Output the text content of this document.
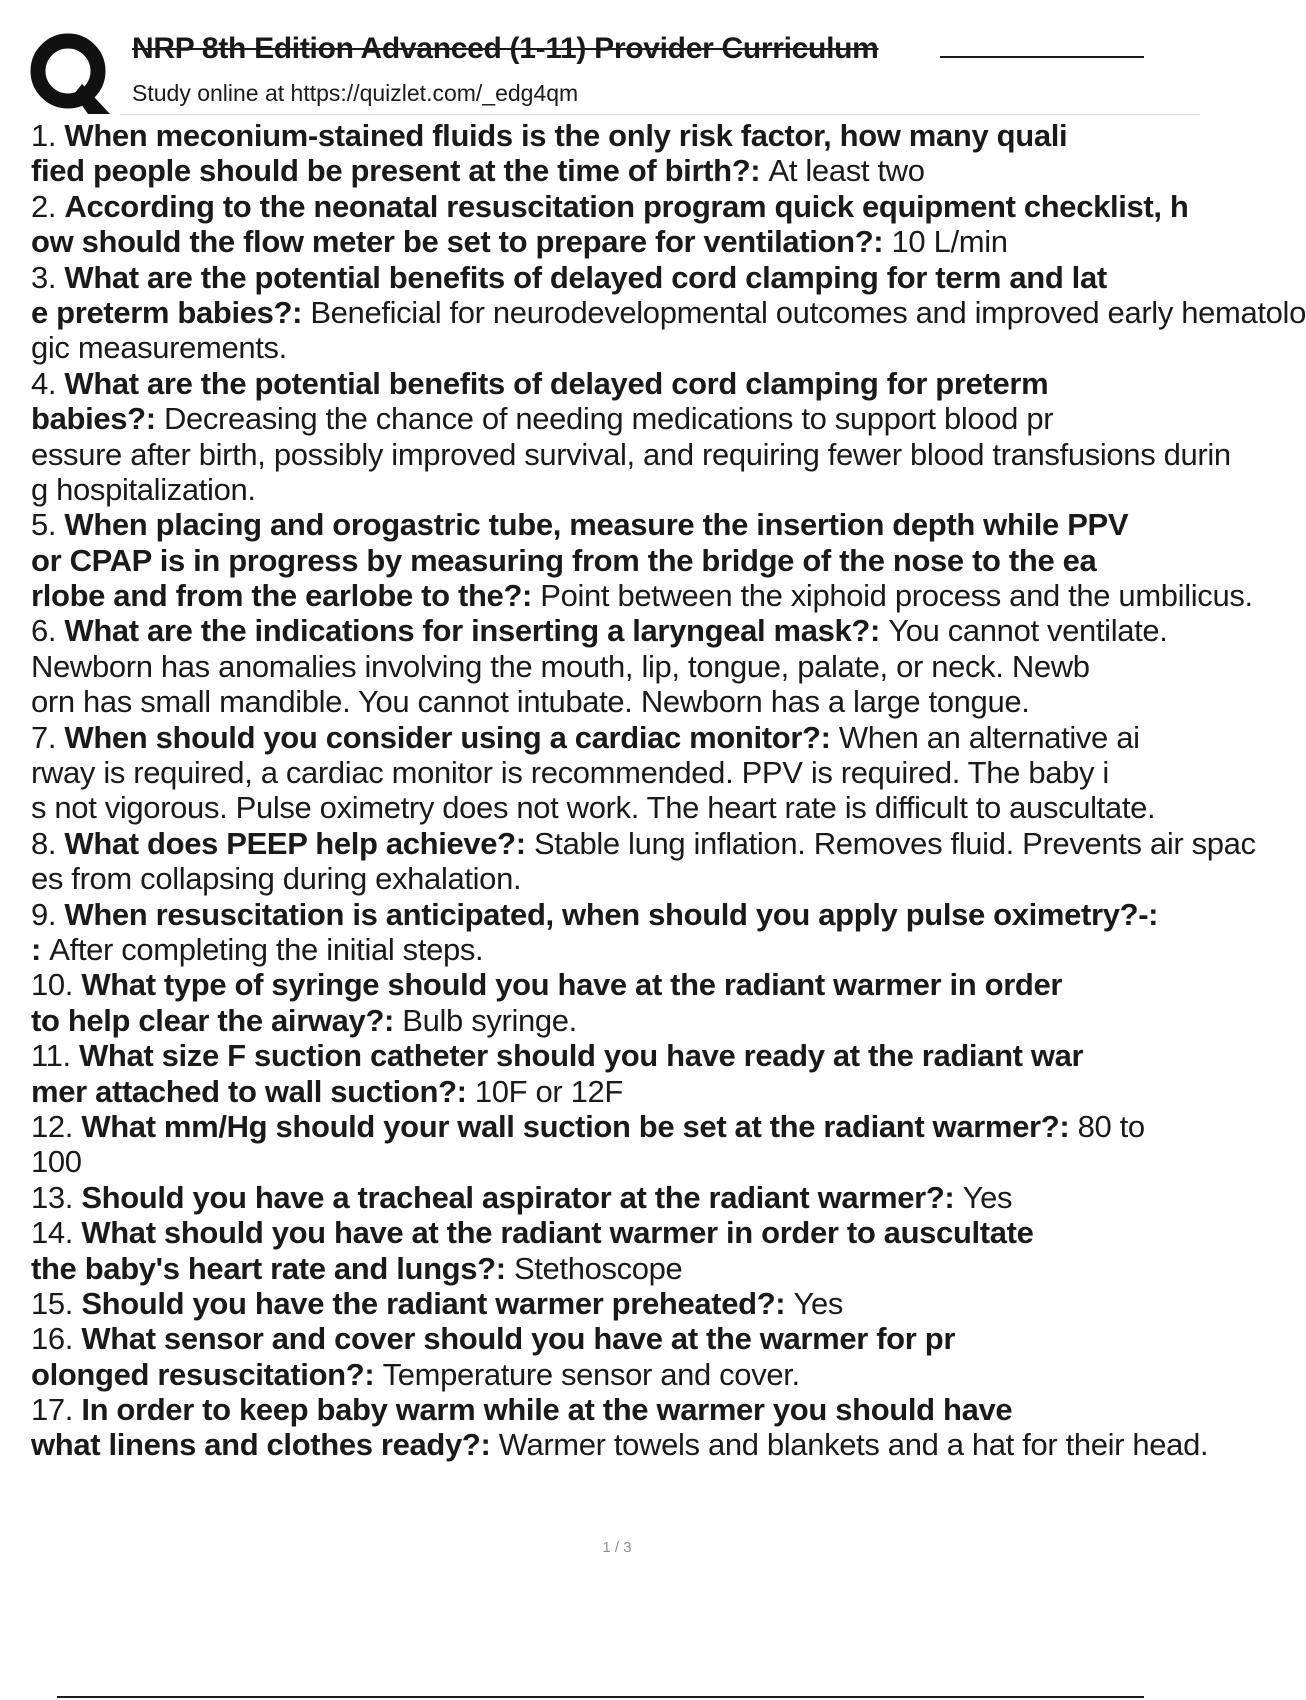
NRP 8th Edition Advanced (1-11) Provider Curriculum
Study online at https://quizlet.com/_edg4qm
1. When meconium-stained fluids is the only risk factor, how many quali
fied people should be present at the time of birth?: At least two
2. According to the neonatal resuscitation program quick equipment checklist, h
ow should the flow meter be set to prepare for ventilation?: 10 L/min
3. What are the potential benefits of delayed cord clamping for term and lat
e preterm babies?: Beneficial for neurodevelopmental outcomes and improved early hematolo
gic measurements.
4. What are the potential benefits of delayed cord clamping for preterm
babies?: Decreasing the chance of needing medications to support blood pr
essure after birth, possibly improved survival, and requiring fewer blood transfusions durin
g hospitalization.
5. When placing and orogastric tube, measure the insertion depth while PPV
or CPAP is in progress by measuring from the bridge of the nose to the ea
rlobe and from the earlobe to the?: Point between the xiphoid process and the umbilicus.
6. What are the indications for inserting a laryngeal mask?: You cannot ventilate.
Newborn has anomalies involving the mouth, lip, tongue, palate, or neck. Newb
orn has small mandible. You cannot intubate. Newborn has a large tongue.
7. When should you consider using a cardiac monitor?: When an alternative ai
rway is required, a cardiac monitor is recommended. PPV is required. The baby i
s not vigorous. Pulse oximetry does not work. The heart rate is difficult to auscultate.
8. What does PEEP help achieve?: Stable lung inflation. Removes fluid. Prevents air spac
es from collapsing during exhalation.
9. When resuscitation is anticipated, when should you apply pulse oximetry?-:
: After completing the initial steps.
10. What type of syringe should you have at the radiant warmer in order
to help clear the airway?: Bulb syringe.
11. What size F suction catheter should you have ready at the radiant war
mer attached to wall suction?: 10F or 12F
12. What mm/Hg should your wall suction be set at the radiant warmer?: 80 to
100
13. Should you have a tracheal aspirator at the radiant warmer?: Yes
14. What should you have at the radiant warmer in order to auscultate
the baby's heart rate and lungs?: Stethoscope
15. Should you have the radiant warmer preheated?: Yes
16. What sensor and cover should you have at the warmer for pr
olonged resuscitation?: Temperature sensor and cover.
17. In order to keep baby warm while at the warmer you should have
what linens and clothes ready?: Warmer towels and blankets and a hat for their head.
1 / 3
